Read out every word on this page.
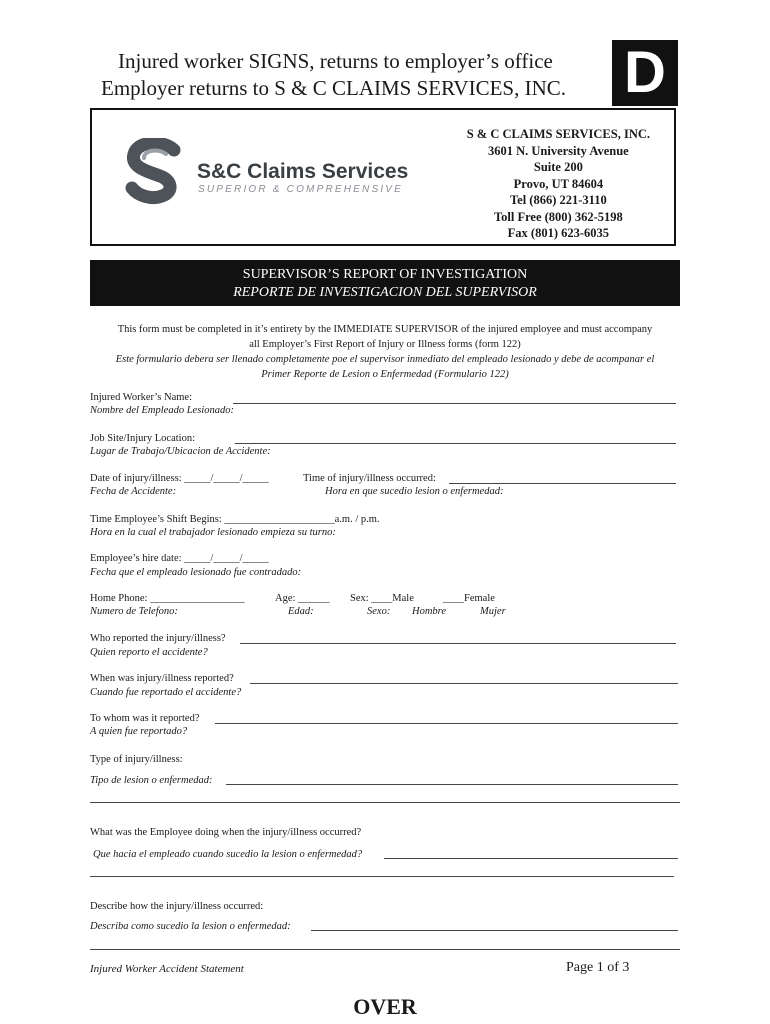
Injured worker SIGNS, returns to employer’s office
Employer returns to S & C CLAIMS SERVICES, INC. D
S&C Claims Services
SUPERIOR & COMPREHENSIVE
S & C CLAIMS SERVICES, INC.
3601 N. University Avenue
Suite 200
Provo, UT 84604
Tel (866) 221-3110
Toll Free (800) 362-5198
Fax (801) 623-6035
SUPERVISOR’S REPORT OF INVESTIGATION
REPORTE DE INVESTIGACION DEL SUPERVISOR
This form must be completed in it’s entirety by the IMMEDIATE SUPERVISOR of the injured employee and must accompany
all Employer’s First Report of Injury or Illness forms (form 122)
Este formulario debera ser llenado completamente poe el supervisor inmediato del empleado lesionado y debe de acompanar el
Primer Reporte de Lesion o Enfermedad (Formulario 122)
Injured Worker’s Name:
Nombre del Empleado Lesionado:
Job Site/Injury Location:
Lugar de Trabajo/Ubicacion de Accidente:
Date of injury/illness: _____/_____/_____
Fecha de Accidente:
Time of injury/illness occurred:
Hora en que sucedio lesion o enfermedad:
Time Employee’s Shift Begins: _____________________a.m. / p.m.
Hora en la cual el trabajador lesionado empieza su turno:
Employee’s hire date: _____/_____/_____
Fecha que el empleado lesionado fue contradado:
Home Phone: __________________
Numero de Telefono:
Age: ______
Edad:
Sex: ____Male	____Female
Sexo: Hombre	Mujer
Who reported the injury/illness?
Quien reporto el accidente?
When was injury/illness reported?
Cuando fue reportado el accidente?
To whom was it reported?
A quien fue reportado?
Type of injury/illness:
Tipo de lesion o enfermedad:
What was the Employee doing when the injury/illness occurred?
Que hacia el empleado cuando sucedio la lesion o enfermedad?
Describe how the injury/illness occurred:
Describa como sucedio la lesion o enfermedad:
Injured Worker Accident Statement	Page 1 of 3
OVER
